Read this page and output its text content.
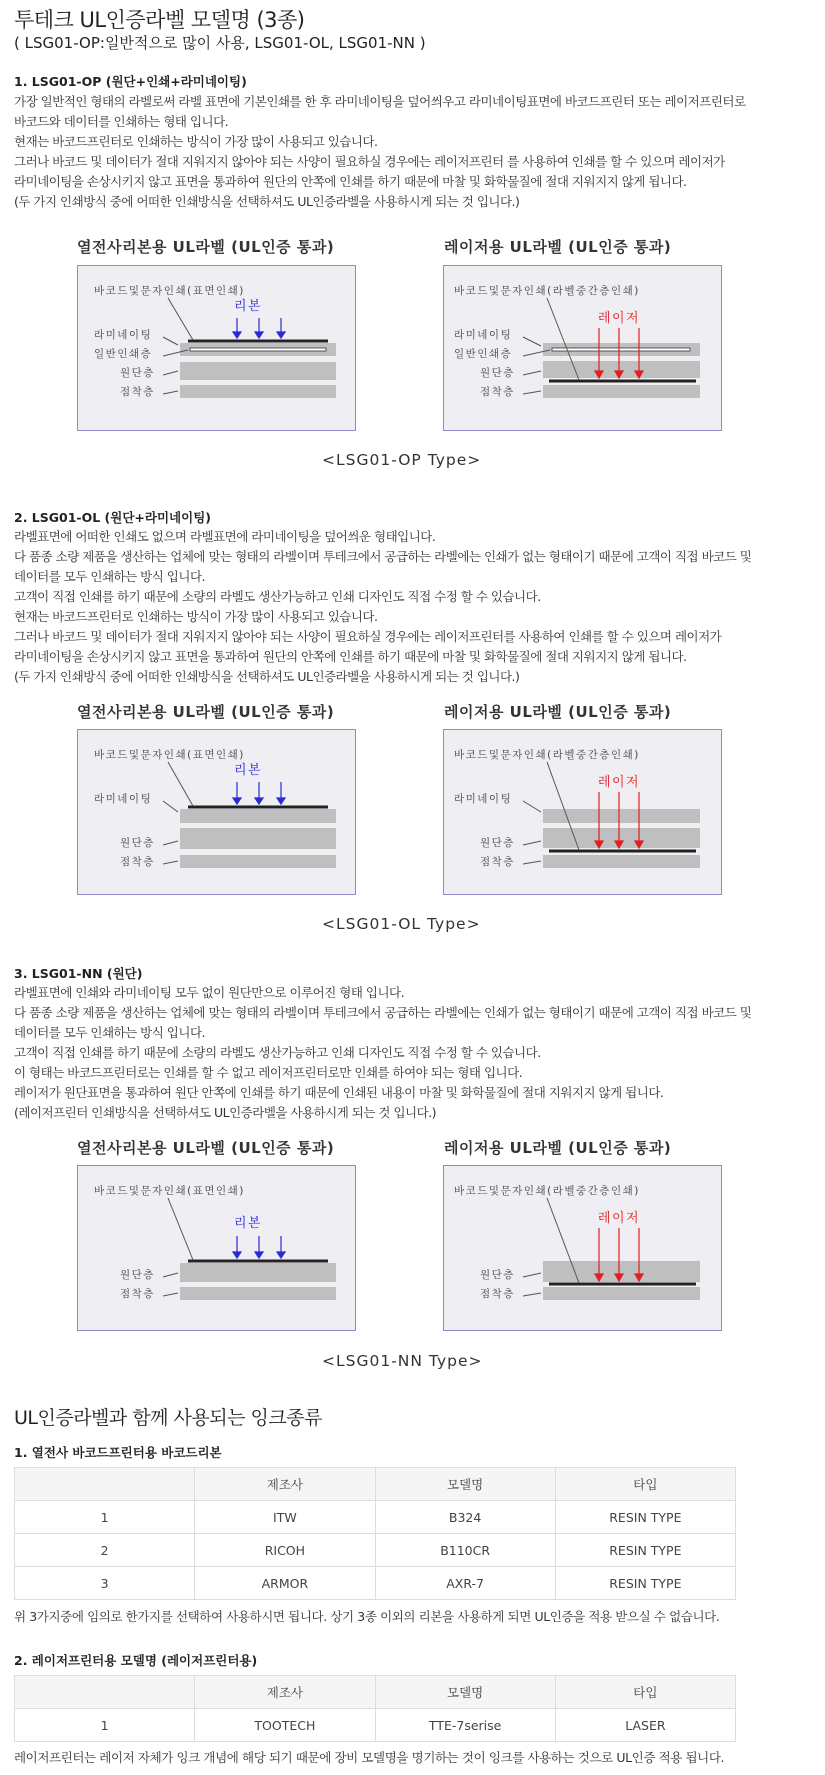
투테크 UL인증라벨 모델명 (3종)
( LSG01-OP:일반적으로 많이 사용, LSG01-OL, LSG01-NN )
1. LSG01-OP (원단+인쇄+라미네이팅)
가장 일반적인 형태의 라벨로써 라벨 표면에 기본인쇄를 한 후 라미네이팅을 덮어씌우고 라미네이팅표면에 바코드프린터 또는 레이저프린터로
바코드와 데이터를 인쇄하는 형태 입니다.
현재는 바코드프린터로 인쇄하는 방식이 가장 많이 사용되고 있습니다.
그러나 바코드 및 데이터가 절대 지워지지 않아야 되는 사양이 필요하실 경우에는 레이저프린터 를 사용하여 인쇄를 할 수 있으며 레이저가
라미네이팅을 손상시키지 않고 표면을 통과하여 원단의 안쪽에 인쇄를 하기 때문에 마찰 및 화학물질에 절대 지워지지 않게 됩니다.
(두 가지 인쇄방식 중에 어떠한 인쇄방식을 선택하셔도 UL인증라벨을 사용하시게 되는 것 입니다.)
열전사리본용 UL라벨 (UL인증 통과)	레이저용 UL라벨 (UL인증 통과)
바코드및문자인쇄(표면인쇄)
리본
라미네이팅
일반인쇄층
원단층
점착층
바코드및문자인쇄(라벨중간층인쇄)
레이저
라미네이팅
일반인쇄층
원단층
점착층
<LSG01-OP Type>
2. LSG01-OL (원단+라미네이팅)
라벨표면에 어떠한 인쇄도 없으며 라벨표면에 라미네이팅을 덮어씌운 형태입니다.
다 품종 소량 제품을 생산하는 업체에 맞는 형태의 라벨이며 투테크에서 공급하는 라벨에는 인쇄가 없는 형태이기 때문에 고객이 직접 바코드 및
데이터를 모두 인쇄하는 방식 입니다.
고객이 직접 인쇄를 하기 때문에 소량의 라벨도 생산가능하고 인쇄 디자인도 직접 수정 할 수 있습니다.
현재는 바코드프린터로 인쇄하는 방식이 가장 많이 사용되고 있습니다.
그러나 바코드 및 데이터가 절대 지워지지 않아야 되는 사양이 필요하실 경우에는 레이저프린터를 사용하여 인쇄를 할 수 있으며 레이저가
라미네이팅을 손상시키지 않고 표면을 통과하여 원단의 안쪽에 인쇄를 하기 때문에 마찰 및 화학물질에 절대 지워지지 않게 됩니다.
(두 가지 인쇄방식 중에 어떠한 인쇄방식을 선택하셔도 UL인증라벨을 사용하시게 되는 것 입니다.)
열전사리본용 UL라벨 (UL인증 통과)	레이저용 UL라벨 (UL인증 통과)
바코드및문자인쇄(표면인쇄)
리본
라미네이팅
원단층
점착층
바코드및문자인쇄(라벨중간층인쇄)
레이저
라미네이팅
원단층
점착층
<LSG01-OL Type>
3. LSG01-NN (원단)
라벨표면에 인쇄와 라미네이팅 모두 없이 원단만으로 이루어진 형태 입니다.
다 품종 소량 제품을 생산하는 업체에 맞는 형태의 라벨이며 투테크에서 공급하는 라벨에는 인쇄가 없는 형태이기 때문에 고객이 직접 바코드 및
데이터를 모두 인쇄하는 방식 입니다.
고객이 직접 인쇄를 하기 때문에 소량의 라벨도 생산가능하고 인쇄 디자인도 직접 수정 할 수 있습니다.
이 형태는 바코드프린터로는 인쇄를 할 수 없고 레이저프린터로만 인쇄를 하여야 되는 형태 입니다.
레이저가 원단표면을 통과하여 원단 안쪽에 인쇄를 하기 때문에 인쇄된 내용이 마찰 및 화학물질에 절대 지워지지 않게 됩니다.
(레이저프린터 인쇄방식을 선택하셔도 UL인증라벨을 사용하시게 되는 것 입니다.)
열전사리본용 UL라벨 (UL인증 통과)	레이저용 UL라벨 (UL인증 통과)
바코드및문자인쇄(표면인쇄)
리본
원단층
점착층
바코드및문자인쇄(라벨중간층인쇄)
레이저
원단층
점착층
<LSG01-NN Type>
UL인증라벨과 함께 사용되는 잉크종류
1. 열전사 바코드프린터용 바코드리본
	제조사	모델명	타입
1	ITW	B324	RESIN TYPE
2	RICOH	B110CR	RESIN TYPE
3	ARMOR	AXR-7	RESIN TYPE
위 3가지중에 임의로 한가지를 선택하여 사용하시면 됩니다. 상기 3종 이외의 리본을 사용하게 되면 UL인증을 적용 받으실 수 없습니다.
2. 레이저프린터용 모델명 (레이저프린터용)
	제조사	모델명	타입
1	TOOTECH	TTE-7serise	LASER
레이저프린터는 레이저 자체가 잉크 개념에 해당 되기 때문에 장비 모델명을 명기하는 것이 잉크를 사용하는 것으로 UL인증 적용 됩니다.
